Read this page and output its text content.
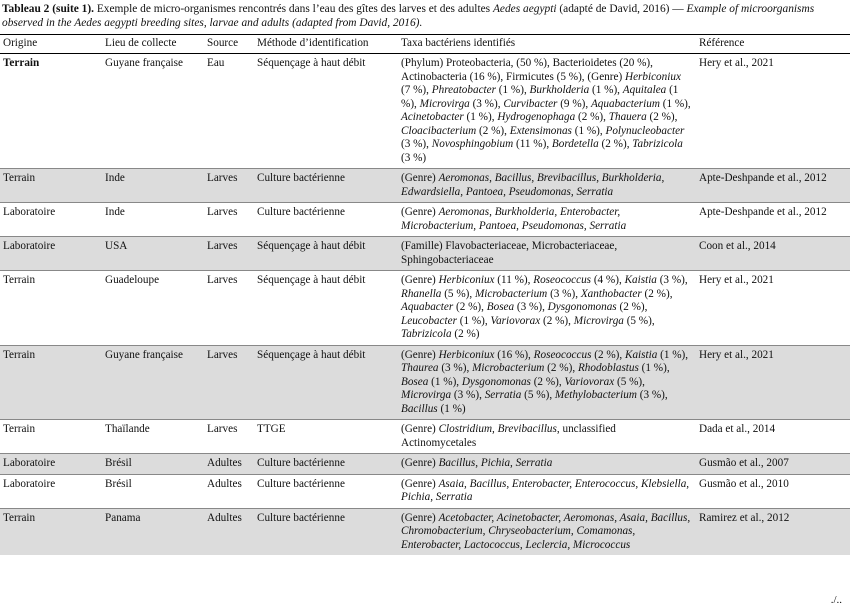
Tableau 2 (suite 1). Exemple de micro-organismes rencontrés dans l’eau des gîtes des larves et des adultes Aedes aegypti (adapté de David, 2016) — Example of microorganisms observed in the Aedes aegypti breeding sites, larvae and adults (adapted from David, 2016).
Origine	Lieu de collecte	Source	Méthode d’identification	Taxa bactériens identifiés	Référence
Terrain	Guyane française	Eau	Séquençage à haut débit	(Phylum) Proteobacteria, (50 %), Bacterioidetes (20 %), Actinobacteria (16 %), Firmicutes (5 %), (Genre) Herbiconiux (7 %), Phreatobacter (1 %), Burkholderia (1 %), Aquitalea (1 %), Microvirga (3 %), Curvibacter (9 %), Aquabacterium (1 %), Acinetobacter (1 %), Hydrogenophaga (2 %), Thauera (2 %), Cloacibacterium (2 %), Extensimonas (1 %), Polynucleobacter (3 %), Novosphingobium (11 %), Bordetella (2 %), Tabrizicola (3 %)	Hery et al., 2021
Terrain	Inde	Larves	Culture bactérienne	(Genre) Aeromonas, Bacillus, Brevibacillus, Burkholderia, Edwardsiella, Pantoea, Pseudomonas, Serratia	Apte-Deshpande et al., 2012
Laboratoire	Inde	Larves	Culture bactérienne	(Genre) Aeromonas, Burkholderia, Enterobacter, Microbacterium, Pantoea, Pseudomonas, Serratia	Apte-Deshpande et al., 2012
Laboratoire	USA	Larves	Séquençage à haut débit	(Famille) Flavobacteriaceae, Microbacteriaceae, Sphingobacteriaceae	Coon et al., 2014
Terrain	Guadeloupe	Larves	Séquençage à haut débit	(Genre) Herbiconiux (11 %), Roseococcus (4 %), Kaistia (3 %), Rhanella (5 %), Microbacterium (3 %), Xanthobacter (2 %), Aquabacter (2 %), Bosea (3 %), Dysgonomonas (2 %), Leucobacter (1 %), Variovorax (2 %), Microvirga (5 %), Tabrizicola (2 %)	Hery et al., 2021
Terrain	Guyane française	Larves	Séquençage à haut débit	(Genre) Herbiconiux (16 %), Roseococcus (2 %), Kaistia (1 %), Thaurea (3 %), Microbacterium (2 %), Rhodoblastus (1 %), Bosea (1 %), Dysgonomonas (2 %), Variovorax (5 %), Microvirga (3 %), Serratia (5 %), Methylobacterium (3 %), Bacillus (1 %)	Hery et al., 2021
Terrain	Thaïlande	Larves	TTGE	(Genre) Clostridium, Brevibacillus, unclassified Actinomycetales	Dada et al., 2014
Laboratoire	Brésil	Adultes	Culture bactérienne	(Genre) Bacillus, Pichia, Serratia	Gusmão et al., 2007
Laboratoire	Brésil	Adultes	Culture bactérienne	(Genre) Asaia, Bacillus, Enterobacter, Enterococcus, Klebsiella, Pichia, Serratia	Gusmão et al., 2010
Terrain	Panama	Adultes	Culture bactérienne	(Genre) Acetobacter, Acinetobacter, Aeromonas, Asaia, Bacillus, Chromobacterium, Chryseobacterium, Comamonas, Enterobacter, Lactococcus, Leclercia, Micrococcus	Ramirez et al., 2012
./..
